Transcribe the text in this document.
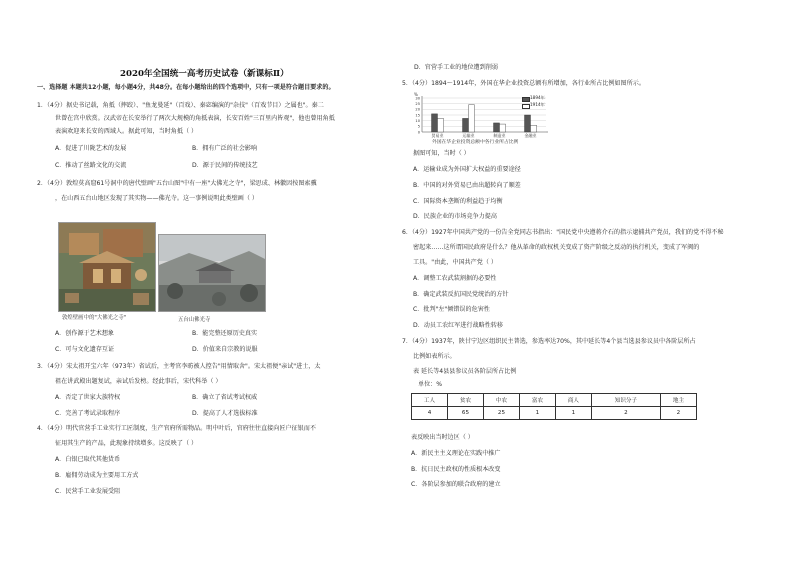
2020年全国统一高考历史试卷（新课标Ⅱ）
一、选择题 本题共12小题，每小题4分，共48分。在每小题给出的四个选项中，只有一项是符合题目要求的。
1．（4分）据史书记载，角抵（摔跤）、"鱼龙曼延"（百戏）、秦宓编演的"杂技"（百戏节目）之属也"。秦二
世曾在宫中欣赏。汉武帝在长安举行了两次大规模的角抵表演，长安百姓"三百里内皆观"，他也曾用角抵
表演欢迎来长安的西域人。据此可知，当时角抵（ ）
A．促进了川陇艺术的发展	B．拥有广泛的社会影响
C．推动了丝路文化的交流	D．源于民间的传统技艺
2．（4分）敦煌莫高窟61号洞中的唐代壁画"五台山图"中有一座"大佛光之寺"，梁思成、林徽因按图索骥
，在山西五台山地区发现了其实物——佛光寺。这一事例说明此类壁画（ ）
敦煌壁画中的"大佛光之寺"	五台山佛光寺
A．创作源于艺术想象	B．能完整还原历史真实
C．可与文化遗存互证	D．价值来自宗教的说服
3．（4分）宋太祖开宝六年（973年）省试后，主考官李昉被人控告"用情取舍"。宋太祖便"亲试"进士，太
祖在讲武殿出题复试，亲试后发榜。经此事后，宋代科举（ ）
A．否定了世家大族特权	B．确立了省试考试权威
C．完善了考试录取程序	D．提高了人才选拔标准
4．（4分）明代官营手工业实行工匠制度，生产官府所需物品。明中叶后，官府往往直接向匠户征银而不
征用其生产的产品，此现象持续增多。这反映了（ ）
A．白银已取代其他货币
B．雇佣劳动成为主要用工方式
C．民营手工业发展受阻
D．官营手工业的地位遭到削弱
5．（4分）1894～1914年，外国在华企业投资总额有所增加，各行业所占比例如图所示。
%
30
25
20
15
10
5
0
贸易业	运输业	制造业	金融业
1894年
1914年
外国在华企业投资总额中各行业所占比例
据图可知，当时（ ）
A．运输业成为外国扩大权益的重要途径
B．中国的对外贸易已由出超转向了顺差
C．国际资本垄断的利益趋于均衡
D．民族企业的市场竞争力提高
6．（4分）1927年中国共产党的一份告全党同志书指出："国民党中央遵蒋介石的指示逮捕共产党员，我们的党不得不秘
密起来……这所谓国民政府是什么？他从革命的政权机关变成了资产阶级之反动的执行机关，变成了军阀的
工具。"由此，中国共产党（ ）
A．调整工农武装割据的必要性
B．确定武装反抗国民党统治的方针
C．批判"左"倾错误的危害性
D．动员工农红军进行战略性转移
7．（4分）1937年，陕甘宁边区组织民主普选，参选率达70%，其中延长等4个县当选县参议员中各阶层所占
比例如表所示。
表 延长等4县县参议员各阶层所占比例
单位：%
工人	贫农	中农	富农	商人	知识分子	地主
4	65	25	1	1	2	2
表反映出当时边区（ ）
A．新民主主义理论在实践中推广
B．抗日民主政权的性质根本改变
C．各阶层参加的联合政府的建立
